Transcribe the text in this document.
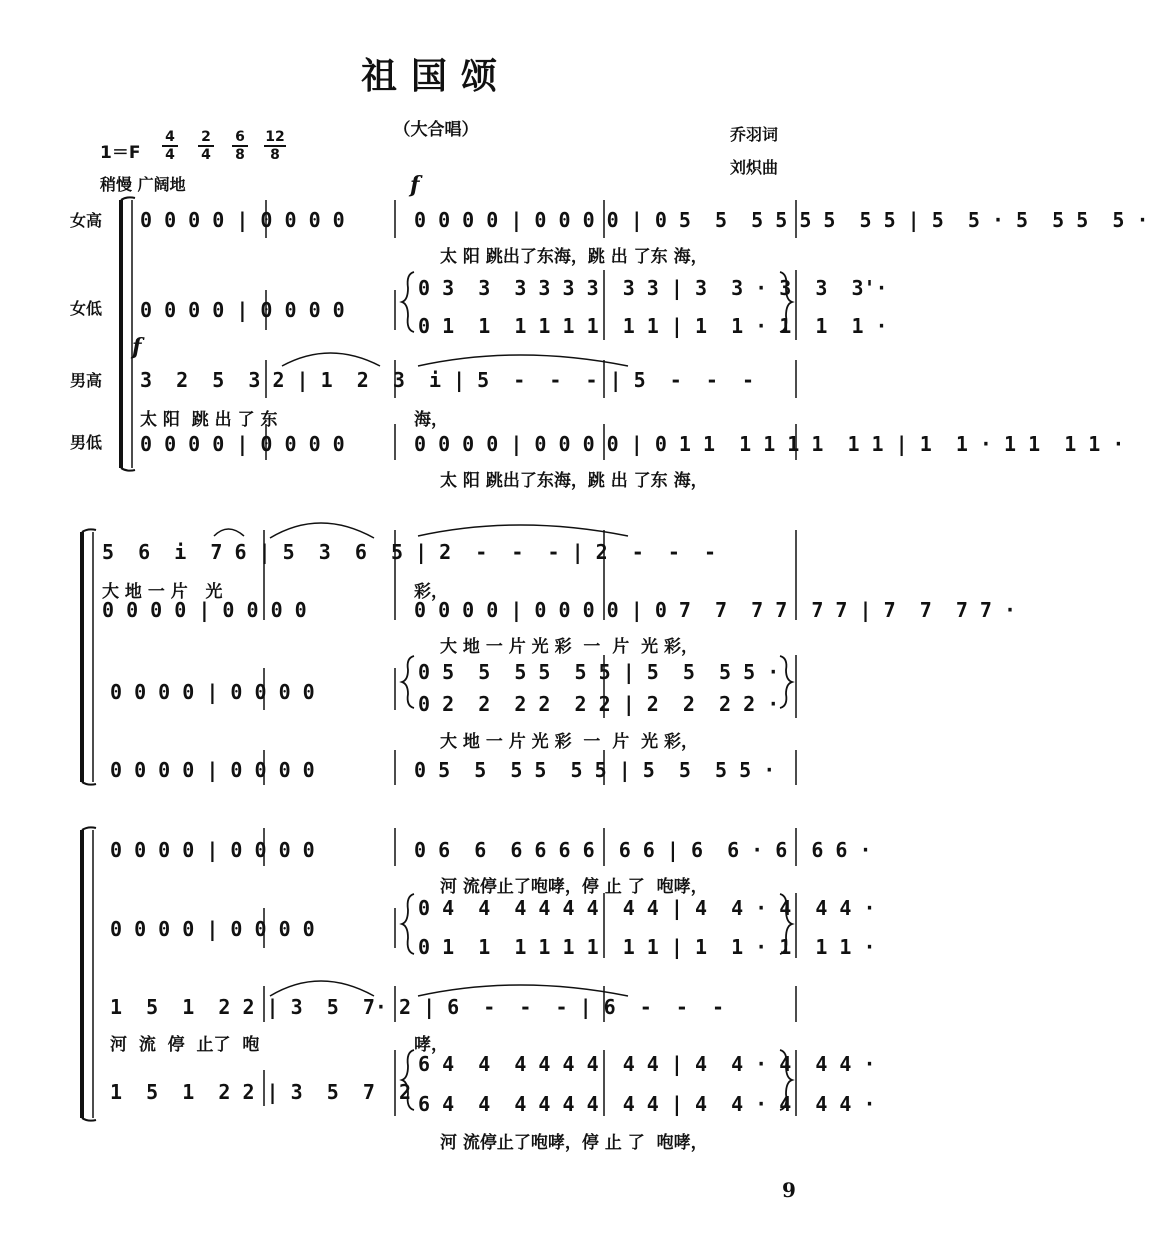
祖国颂
（大合唱）	乔羽词
刘炽曲
1＝F
4
4
2
4
6
8
12
8
稍慢 广阔地	f
f
女高
女低
男高
男低
0 0 0 0 | 0 0 0 0	0 0 0 0 | 0 0 0 0 | 0 5  5  5 5 5 5  5 5 | 5  5 · 5  5 5  5 ·
太 阳 跳出了东海，跳 出 了东 海，
0 0 0 0 | 0 0 0 0
0 3  3  3 3 3 3  3 3 | 3  3 · 3  3  3'·
0 1  1  1 1 1 1  1 1 | 1  1 · 1  1  1 ·
3  2  5  3 2 | 1  2  3  i | 5  -  -  - | 5  -  -  -
太 阳  跳 出 了 东	海，
0 0 0 0 | 0 0 0 0	0 0 0 0 | 0 0 0 0 | 0 1 1  1 1 1 1  1 1 | 1  1 · 1 1  1 1 ·
太 阳 跳出了东海，跳 出 了东 海，
5  6  i  7 6 | 5  3  6  5 | 2  -  -  - | 2  -  -  -
大 地 一 片   光	彩，
0 0 0 0 | 0 0 0 0	0 0 0 0 | 0 0 0 0 | 0 7  7  7 7  7 7 | 7  7  7 7 ·
大 地 一 片 光 彩  一  片  光 彩，
0 0 0 0 | 0 0 0 0
0 5  5  5 5  5 5 | 5  5  5 5 ·
0 2  2  2 2  2 2 | 2  2  2 2 ·
大 地 一 片 光 彩  一  片  光 彩，
0 0 0 0 | 0 0 0 0	0 5  5  5 5  5 5 | 5  5  5 5 ·
0 0 0 0 | 0 0 0 0	0 6  6  6 6 6 6  6 6 | 6  6 · 6  6 6 ·
河 流停止了咆哮，停 止 了  咆哮，
0 0 0 0 | 0 0 0 0
0 4  4  4 4 4 4  4 4 | 4  4 · 4  4 4 ·
0 1  1  1 1 1 1  1 1 | 1  1 · 1  1 1 ·
1  5  1  2 2 | 3  5  7· 2 | 6  -  -  - | 6  -  -  -
河  流  停  止了  咆	哮，
1  5  1  2 2 | 3  5  7  2
6 4  4  4 4 4 4  4 4 | 4  4 · 4  4 4 ·
6 4  4  4 4 4 4  4 4 | 4  4 · 4  4 4 ·
河 流停止了咆哮，停 止 了  咆哮，
9
